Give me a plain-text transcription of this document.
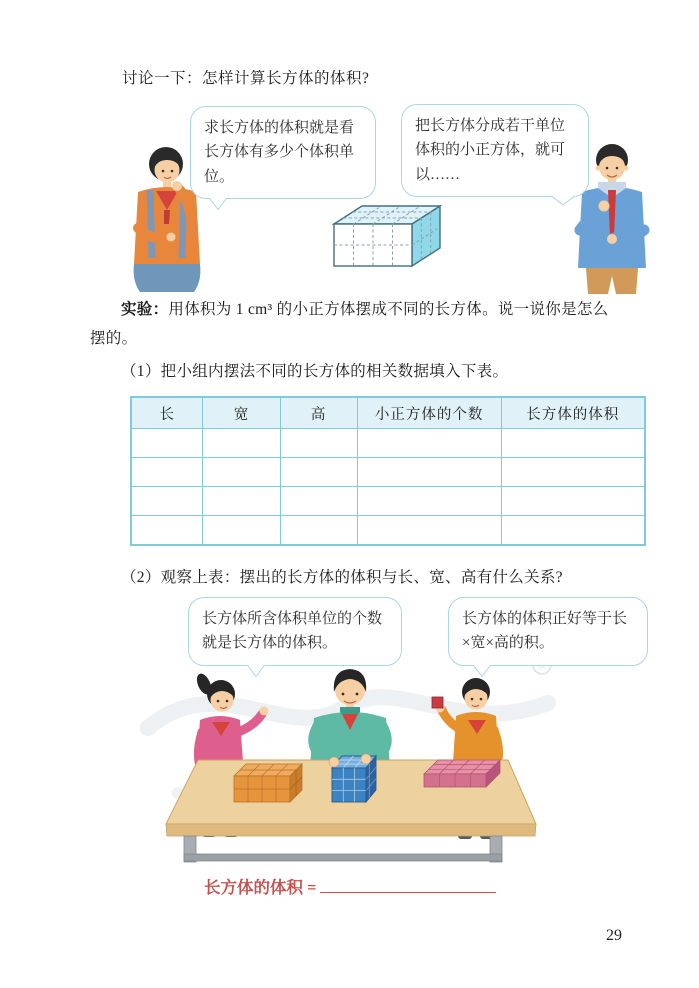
讨论一下：怎样计算长方体的体积?

求长方体的体积就是看长方体有多少个体积单位。
把长方体分成若干单位体积的小正方体，就可以……

实验：用体积为 1 cm³ 的小正方体摆成不同的长方体。说一说你是怎么摆的。

（1）把小组内摆法不同的长方体的相关数据填入下表。

长	宽	高	小正方体的个数	长方体的体积

（2）观察上表：摆出的长方体的体积与长、宽、高有什么关系?

长方体所含体积单位的个数就是长方体的体积。
长方体的体积正好等于长×宽×高的积。

长方体的体积 =

29
